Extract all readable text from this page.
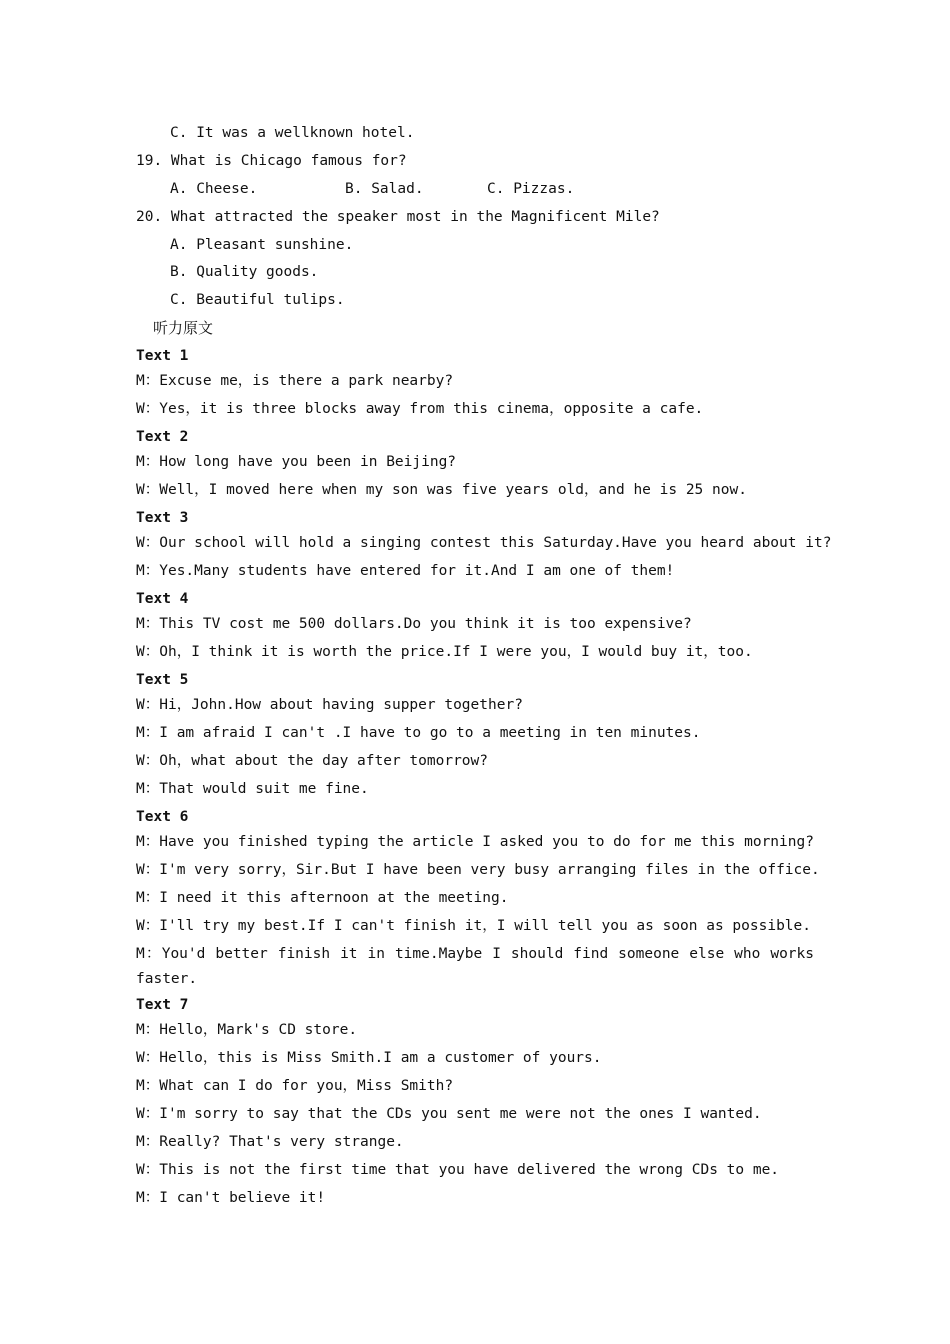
C. It was a wellknown hotel.
19. What is Chicago famous for?
A. Cheese.	B. Salad.	C. Pizzas.
20. What attracted the speaker most in the Magnificent Mile?
A. Pleasant sunshine.
B. Quality goods.
C. Beautiful tulips.
听力原文
Text 1
M：Excuse me，is there a park nearby?
W：Yes，it is three blocks away from this cinema，opposite a cafe.
Text 2
M：How long have you been in Beijing?
W：Well，I moved here when my son was five years old，and he is 25 now.
Text 3
W：Our school will hold a singing contest this Saturday.Have you heard about it?
M：Yes.Many students have entered for it.And I am one of them!
Text 4
M：This TV cost me 500 dollars.Do you think it is too expensive?
W：Oh，I think it is worth the price.If I were you，I would buy it，too.
Text 5
W：Hi，John.How about having supper together?
M：I am afraid I can't .I have to go to a meeting in ten minutes.
W：Oh，what about the day after tomorrow?
M：That would suit me fine.
Text 6
M：Have you finished typing the article I asked you to do for me this morning?
W：I'm very sorry，Sir.But I have been very busy arranging files in the office.
M：I need it this afternoon at the meeting.
W：I'll try my best.If I can't finish it，I will tell you as soon as possible.
M：You'd better finish it in time.Maybe I should find someone else who works
faster.
Text 7
M：Hello，Mark's CD store.
W：Hello，this is Miss Smith.I am a customer of yours.
M：What can I do for you，Miss Smith?
W：I'm sorry to say that the CDs you sent me were not the ones I wanted.
M：Really? That's very strange.
W：This is not the first time that you have delivered the wrong CDs to me.
M：I can't believe it!
